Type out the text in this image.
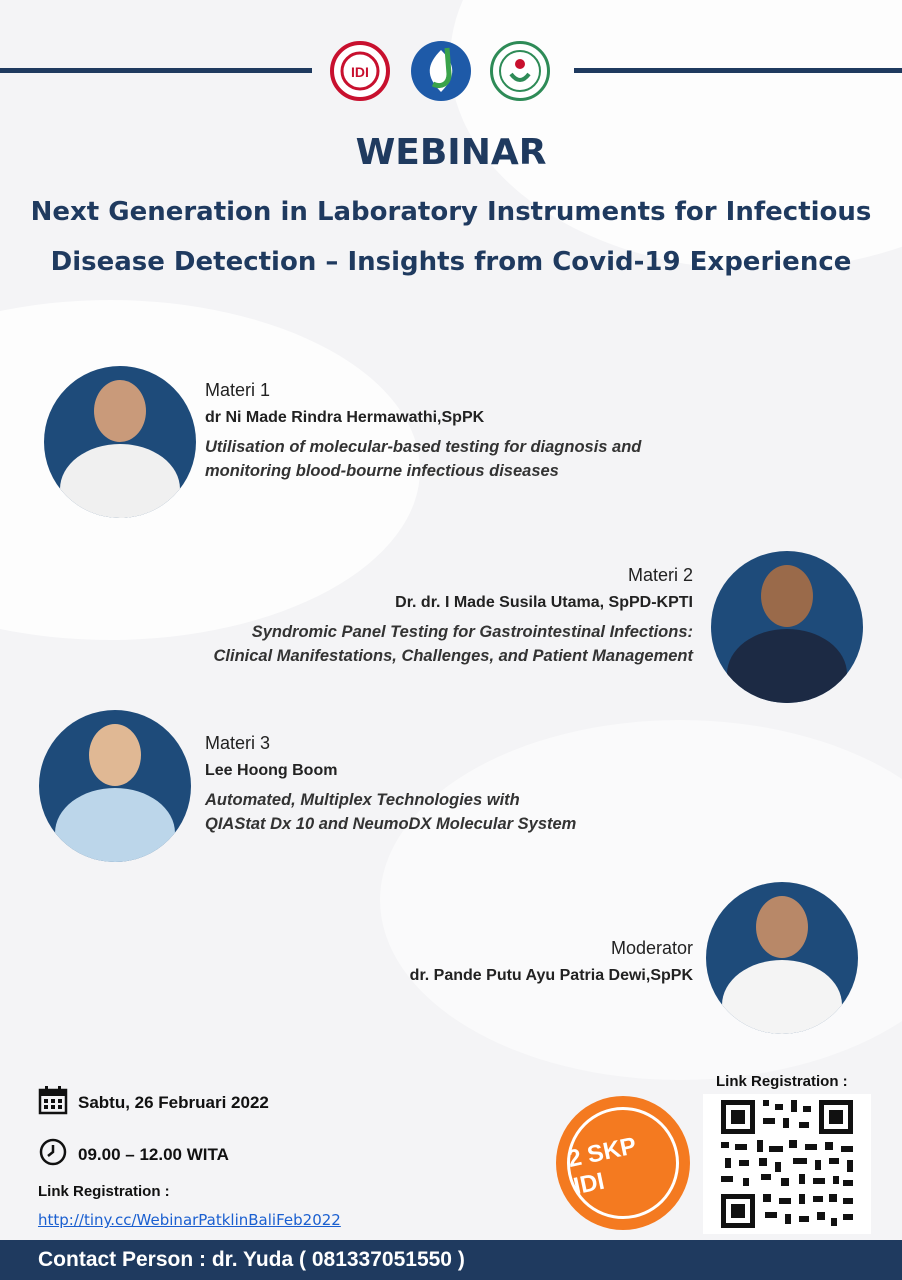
IDI
WEBINAR
Next Generation in Laboratory Instruments for Infectious
Disease Detection – Insights from Covid-19 Experience
Materi 1
dr Ni Made Rindra Hermawathi,SpPK
Utilisation of molecular-based testing for diagnosis and
monitoring blood-bourne infectious diseases
Materi 2
Dr. dr. I Made Susila Utama, SpPD-KPTI
Syndromic Panel Testing for Gastrointestinal Infections:
Clinical Manifestations, Challenges, and Patient Management
Materi 3
Lee Hoong Boom
Automated, Multiplex Technologies with
QIAStat Dx 10 and NeumoDX Molecular System
Moderator
dr. Pande Putu Ayu Patria Dewi,SpPK
Sabtu, 26 Februari 2022
09.00 – 12.00 WITA
Link Registration :
http://tiny.cc/WebinarPatklinBaliFeb2022
2 SKP IDI
Link Registration :
Contact Person : dr. Yuda ( 081337051550 )
